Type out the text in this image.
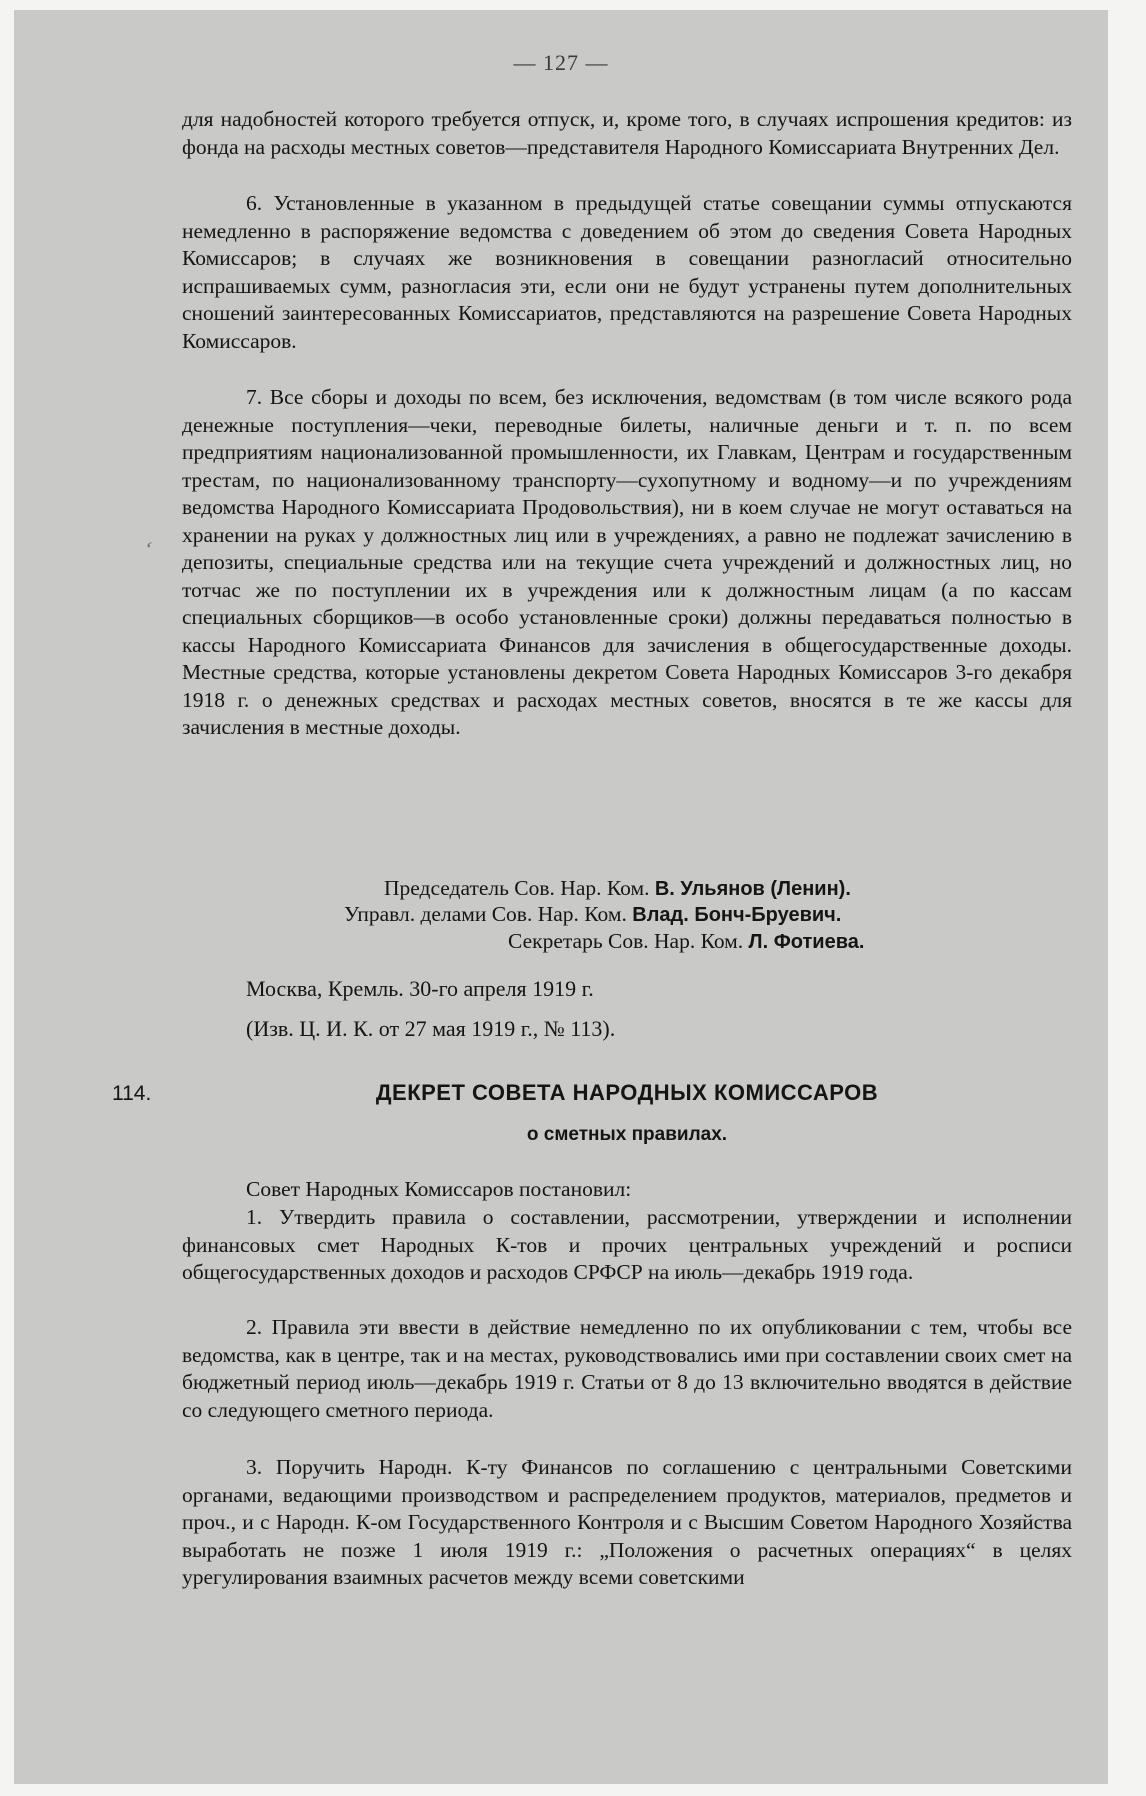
— 127 —

для надобностей которого требуется отпуск, и, кроме того, в случаях испрошения кредитов: из фонда на расходы местных советов—представителя Народного Комиссариата Внутренних Дел.

6. Установленные в указанном в предыдущей статье совещании суммы отпускаются немедленно в распоряжение ведомства с доведением об этом до сведения Совета Народных Комиссаров; в случаях же возникновения в совещании разногласий относительно испрашиваемых сумм, разногласия эти, если они не будут устранены путем дополнительных сношений заинтересованных Комиссариатов, представляются на разрешение Совета Народных Комиссаров.

7. Все сборы и доходы по всем, без исключения, ведомствам (в том числе всякого рода денежные поступления—чеки, переводные билеты, наличные деньги и т. п. по всем предприятиям национализованной промышленности, их Главкам, Центрам и государственным трестам, по национализованному транспорту—сухопутному и водному—и по учреждениям ведомства Народного Комиссариата Продовольствия), ни в коем случае не могут оставаться на хранении на руках у должностных лиц или в учреждениях, а равно не подлежат зачислению в депозиты, специальные средства или на текущие счета учреждений и должностных лиц, но тотчас же по поступлении их в учреждения или к должностным лицам (а по кассам специальных сборщиков—в особо установленные сроки) должны передаваться полностью в кассы Народного Комиссариата Финансов для зачисления в общегосударственные доходы. Местные средства, которые установлены декретом Совета Народных Комиссаров 3-го декабря 1918 г. о денежных средствах и расходах местных советов, вносятся в те же кассы для зачисления в местные доходы.

‘
Председатель Сов. Нар. Ком. В. Ульянов (Ленин).
Управл. делами Сов. Нар. Ком. Влад. Бонч-Бруевич.
Секретарь Сов. Нар. Ком. Л. Фотиева.
Москва, Кремль. 30-го апреля 1919 г.
(Изв. Ц. И. К. от 27 мая 1919 г., № 113).
114.	ДЕКРЕТ СОВЕТА НАРОДНЫХ КОМИССАРОВ
о сметных правилах.

Совет Народных Комиссаров постановил:

1. Утвердить правила о составлении, рассмотрении, утверждении и исполнении финансовых смет Народных К-тов и прочих центральных учреждений и росписи общегосударственных доходов и расходов СРФСР на июль—декабрь 1919 года.

2. Правила эти ввести в действие немедленно по их опубликовании с тем, чтобы все ведомства, как в центре, так и на местах, руководствовались ими при составлении своих смет на бюджетный период июль—декабрь 1919 г. Статьи от 8 до 13 включительно вводятся в действие со следующего сметного периода.

3. Поручить Народн. К-ту Финансов по соглашению с центральными Советскими органами, ведающими производством и распределением продуктов, материалов, предметов и проч., и с Народн. К-ом Государственного Контроля и с Высшим Советом Народного Хозяйства выработать не позже 1 июля 1919 г.: „Положения о расчетных операциях“ в целях урегулирования взаимных расчетов между всеми советскими
